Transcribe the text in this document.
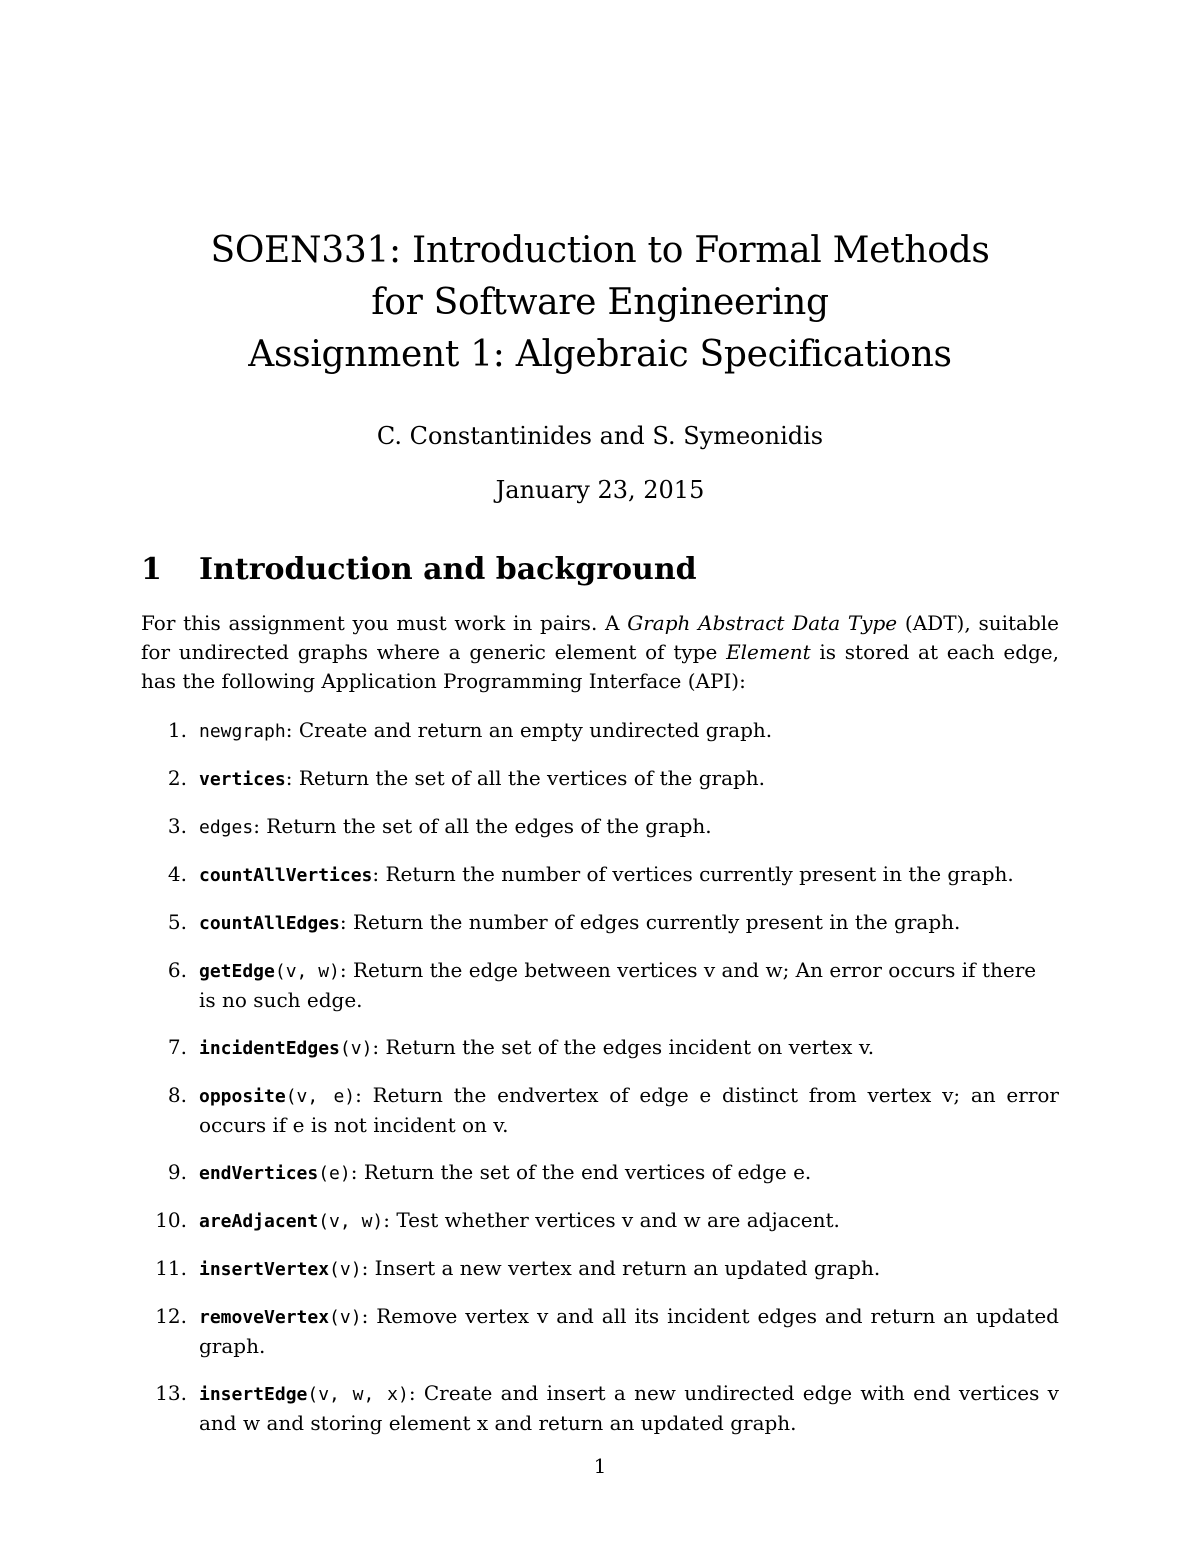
SOEN331: Introduction to Formal Methods

for Software Engineering

Assignment 1: Algebraic Specifications

C. Constantinides and S. Symeonidis
January 23, 2015
1 Introduction and background
For this assignment you must work in pairs. A Graph Abstract Data Type (ADT), suitable for undirected graphs where a generic element of type Element is stored at each edge, has the following Application Programming Interface (API):
1. newgraph: Create and return an empty undirected graph.
2. vertices: Return the set of all the vertices of the graph.
3. edges: Return the set of all the edges of the graph.
4. countAllVertices: Return the number of vertices currently present in the graph.
5. countAllEdges: Return the number of edges currently present in the graph.
6. getEdge(v, w): Return the edge between vertices v and w; An error occurs if there is no such edge.
7. incidentEdges(v): Return the set of the edges incident on vertex v.
8. opposite(v, e): Return the endvertex of edge e distinct from vertex v; an error occurs if e is not incident on v.
9. endVertices(e): Return the set of the end vertices of edge e.
10. areAdjacent(v, w): Test whether vertices v and w are adjacent.
11. insertVertex(v): Insert a new vertex and return an updated graph.
12. removeVertex(v): Remove vertex v and all its incident edges and return an updated graph.
13. insertEdge(v, w, x): Create and insert a new undirected edge with end vertices v and w and storing element x and return an updated graph.
1
